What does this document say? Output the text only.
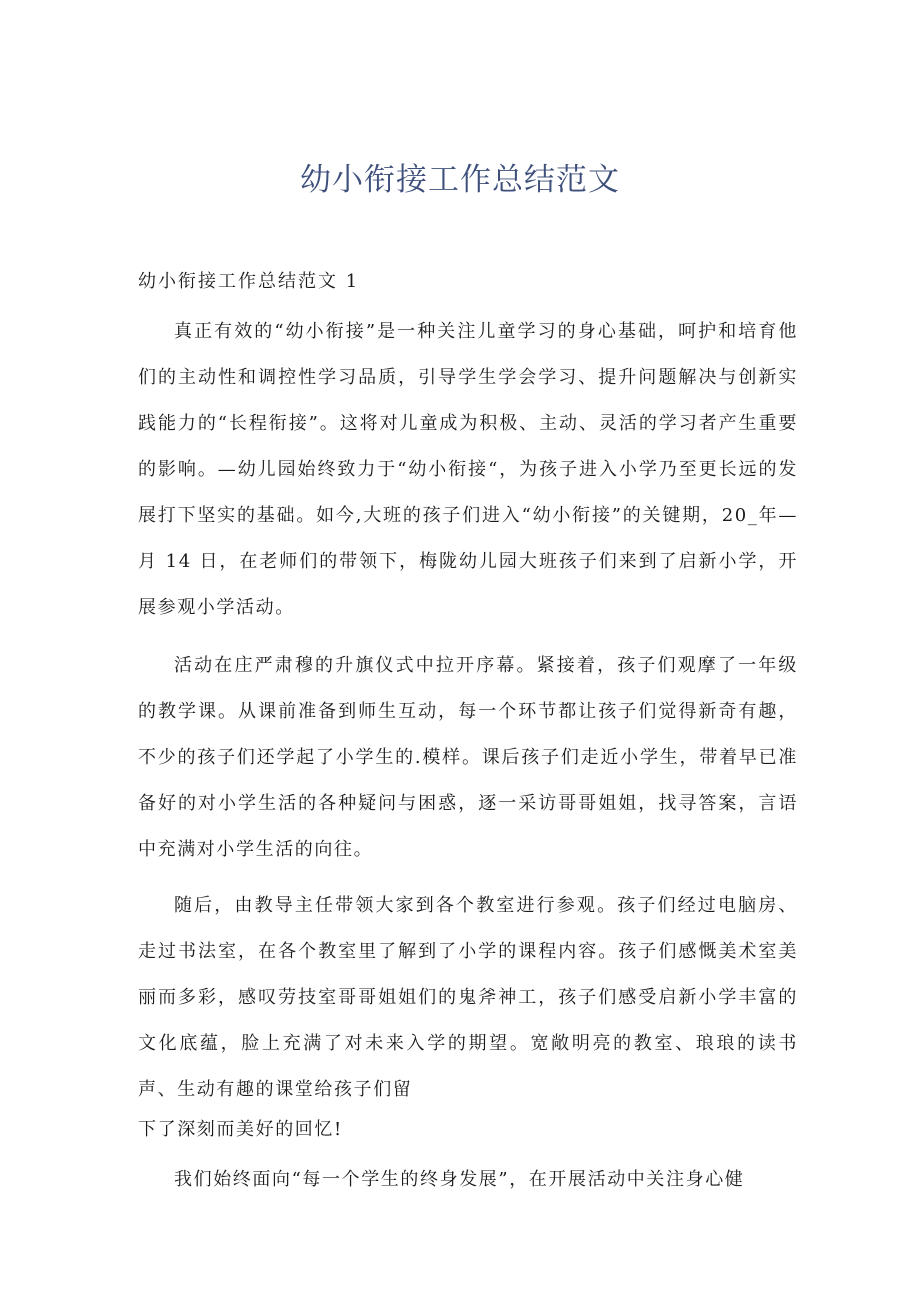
幼小衔接工作总结范文
幼小衔接工作总结范文 1

真正有效的“幼小衔接”是一种关注儿童学习的身心基础，呵护和培育他们的主动性和调控性学习品质，引导学生学会学习、提升问题解决与创新实践能力的“长程衔接”。这将对儿童成为积极、主动、灵活的学习者产生重要的影响。—幼儿园始终致力于“幼小衔接“，为孩子进入小学乃至更长远的发展打下坚实的基础。如今,大班的孩子们进入“幼小衔接”的关键期，20_年—月 14 日，在老师们的带领下，梅陇幼儿园大班孩子们来到了启新小学，开展参观小学活动。

活动在庄严肃穆的升旗仪式中拉开序幕。紧接着，孩子们观摩了一年级的教学课。从课前准备到师生互动，每一个环节都让孩子们觉得新奇有趣，不少的孩子们还学起了小学生的.模样。课后孩子们走近小学生，带着早已准备好的对小学生活的各种疑问与困惑，逐一采访哥哥姐姐，找寻答案，言语中充满对小学生活的向往。

随后，由教导主任带领大家到各个教室进行参观。孩子们经过电脑房、走过书法室，在各个教室里了解到了小学的课程内容。孩子们感慨美术室美丽而多彩，感叹劳技室哥哥姐姐们的鬼斧神工，孩子们感受启新小学丰富的文化底蕴，脸上充满了对未来入学的期望。宽敞明亮的教室、琅琅的读书声、生动有趣的课堂给孩子们留

下了深刻而美好的回忆!

我们始终面向“每一个学生的终身发展”，在开展活动中关注身心健
